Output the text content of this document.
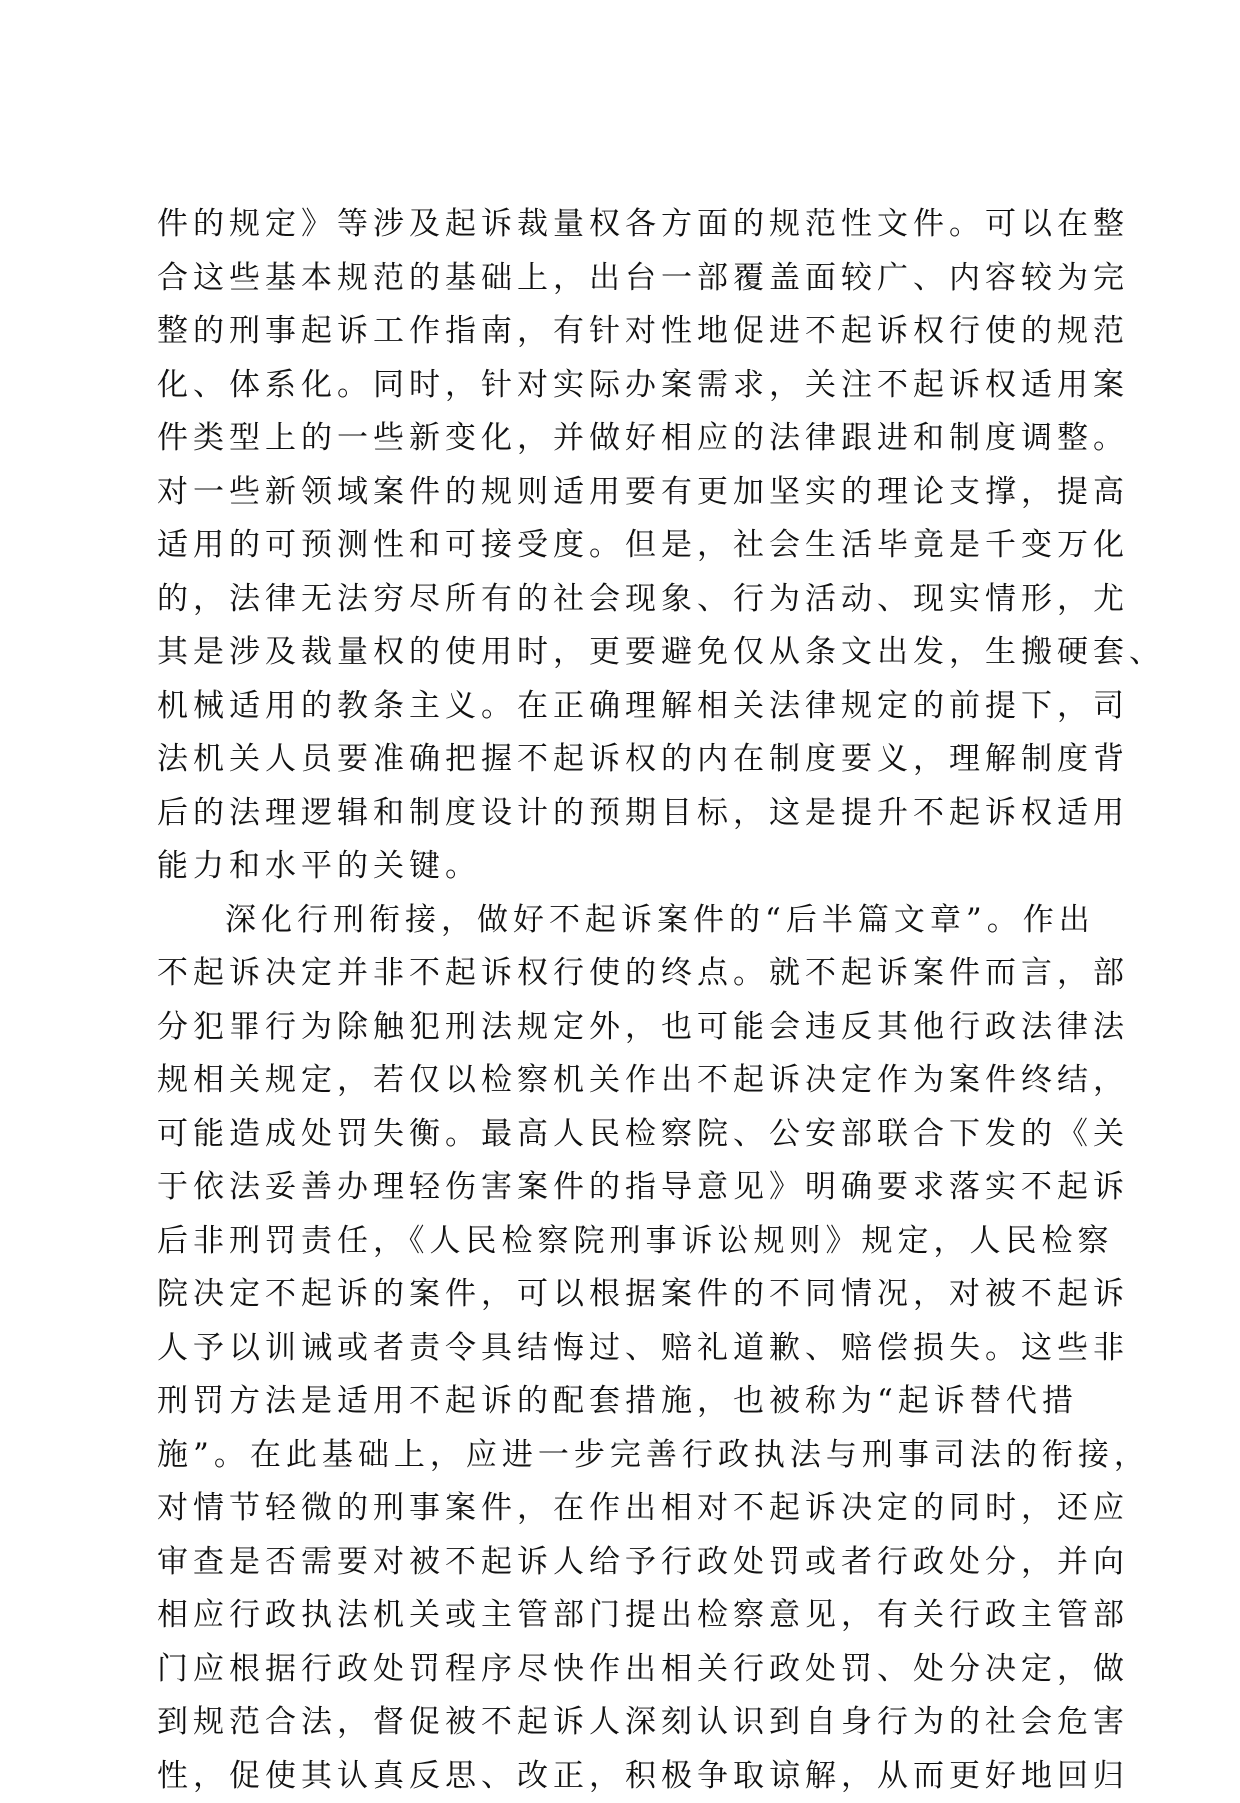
件的规定》等涉及起诉裁量权各方面的规范性文件。可以在整
合这些基本规范的基础上，出台一部覆盖面较广、内容较为完
整的刑事起诉工作指南，有针对性地促进不起诉权行使的规范
化、体系化。同时，针对实际办案需求，关注不起诉权适用案
件类型上的一些新变化，并做好相应的法律跟进和制度调整。
对一些新领域案件的规则适用要有更加坚实的理论支撑，提高
适用的可预测性和可接受度。但是，社会生活毕竟是千变万化
的，法律无法穷尽所有的社会现象、行为活动、现实情形，尤
其是涉及裁量权的使用时，更要避免仅从条文出发，生搬硬套、
机械适用的教条主义。在正确理解相关法律规定的前提下，司
法机关人员要准确把握不起诉权的内在制度要义，理解制度背
后的法理逻辑和制度设计的预期目标，这是提升不起诉权适用
能力和水平的关键。
深化行刑衔接，做好不起诉案件的“后半篇文章”。作出
不起诉决定并非不起诉权行使的终点。就不起诉案件而言，部
分犯罪行为除触犯刑法规定外，也可能会违反其他行政法律法
规相关规定，若仅以检察机关作出不起诉决定作为案件终结，
可能造成处罚失衡。最高人民检察院、公安部联合下发的《关
于依法妥善办理轻伤害案件的指导意见》明确要求落实不起诉
后非刑罚责任，《人民检察院刑事诉讼规则》规定，人民检察
院决定不起诉的案件，可以根据案件的不同情况，对被不起诉
人予以训诫或者责令具结悔过、赔礼道歉、赔偿损失。这些非
刑罚方法是适用不起诉的配套措施，也被称为“起诉替代措
施”。在此基础上，应进一步完善行政执法与刑事司法的衔接，
对情节轻微的刑事案件，在作出相对不起诉决定的同时，还应
审查是否需要对被不起诉人给予行政处罚或者行政处分，并向
相应行政执法机关或主管部门提出检察意见，有关行政主管部
门应根据行政处罚程序尽快作出相关行政处罚、处分决定，做
到规范合法，督促被不起诉人深刻认识到自身行为的社会危害
性，促使其认真反思、改正，积极争取谅解，从而更好地回归
